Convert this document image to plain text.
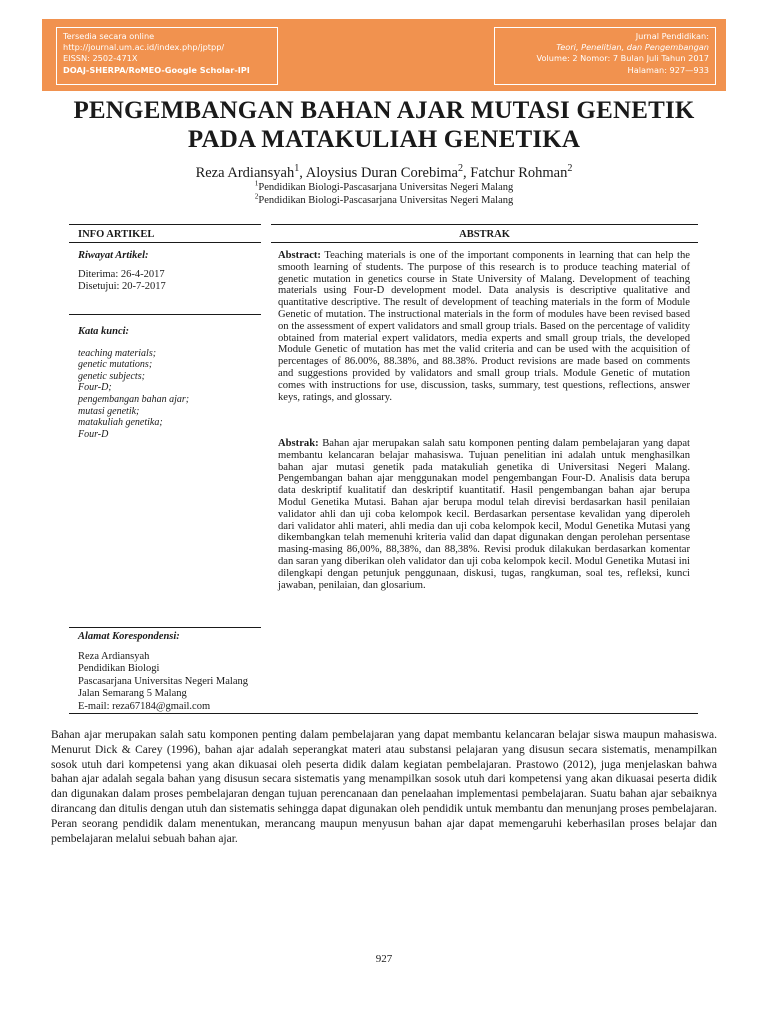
Tersedia secara online
http://journal.um.ac.id/index.php/jptpp/
EISSN: 2502-471X
DOAJ-SHERPA/RoMEO-Google Scholar-IPI
Jurnal Pendidikan:
Teori, Penelitian, dan Pengembangan
Volume: 2 Nomor: 7 Bulan Juli Tahun 2017
Halaman: 927—933
PENGEMBANGAN BAHAN AJAR MUTASI GENETIK
PADA MATAKULIAH GENETIKA
Reza Ardiansyah$^1$, Aloysius Duran Corebima$^2$, Fatchur Rohman$^2$
$^1$Pendidikan Biologi-Pascasarjana Universitas Negeri Malang
$^2$Pendidikan Biologi-Pascasarjana Universitas Negeri Malang
INFO ARTIKEL	ABSTRAK
Riwayat Artikel:
Diterima: 26-4-2017
Disetujui: 20-7-2017
Kata kunci:
teaching materials;
genetic mutations;
genetic subjects;
Four-D;
pengembangan bahan ajar;
mutasi genetik;
matakuliah genetika;
Four-D
Abstract: Teaching materials is one of the important components in learning that can help the smooth learning of students. The purpose of this research is to produce teaching material of genetic mutation in genetics course in State University of Malang. Development of teaching materials using Four-D development model. Data analysis is descriptive qualitative and quantitative descriptive. The result of development of teaching materials in the form of Module Genetic of mutation. The instructional materials in the form of modules have been revised based on the assessment of expert validators and small group trials. Based on the percentage of validity obtained from material expert validators, media experts and small group trials, the developed Module Genetic of mutation has met the valid criteria and can be used with the acquisition of percentages of 86.00%, 88.38%, and 88.38%. Product revisions are made based on comments and suggestions provided by validators and small group trials. Module Genetic of mutation comes with instructions for use, discussion, tasks, summary, test questions, reflections, answer keys, ratings, and glossary.
Abstrak: Bahan ajar merupakan salah satu komponen penting dalam pembelajaran yang dapat membantu kelancaran belajar mahasiswa. Tujuan penelitian ini adalah untuk menghasilkan bahan ajar mutasi genetik pada matakuliah genetika di Universitasi Negeri Malang. Pengembangan bahan ajar menggunakan model pengembangan Four-D. Analisis data berupa data deskriptif kualitatif dan deskriptif kuantitatif. Hasil pengembangan bahan ajar berupa Modul Genetika Mutasi. Bahan ajar berupa modul telah direvisi berdasarkan hasil penilaian validator ahli dan uji coba kelompok kecil. Berdasarkan persentase kevalidan yang diperoleh dari validator ahli materi, ahli media dan uji coba kelompok kecil, Modul Genetika Mutasi yang dikembangkan telah memenuhi kriteria valid dan dapat digunakan dengan perolehan persentase masing-masing 86,00%, 88,38%, dan 88,38%. Revisi produk dilakukan berdasarkan komentar dan saran yang diberikan oleh validator dan uji coba kelompok kecil. Modul Genetika Mutasi ini dilengkapi dengan petunjuk penggunaan, diskusi, tugas, rangkuman, soal tes, refleksi, kunci jawaban, penilaian, dan glosarium.
Alamat Korespondensi:
Reza Ardiansyah
Pendidikan Biologi
Pascasarjana Universitas Negeri Malang
Jalan Semarang 5 Malang
E-mail: reza67184@gmail.com
Bahan ajar merupakan salah satu komponen penting dalam pembelajaran yang dapat membantu kelancaran belajar siswa maupun mahasiswa. Menurut Dick & Carey (1996), bahan ajar adalah seperangkat materi atau substansi pelajaran yang disusun secara sistematis, menampilkan sosok utuh dari kompetensi yang akan dikuasai oleh peserta didik dalam kegiatan pembelajaran. Prastowo (2012), juga menjelaskan bahwa bahan ajar adalah segala bahan yang disusun secara sistematis yang menampilkan sosok utuh dari kompetensi yang akan dikuasai peserta didik dan digunakan dalam proses pembelajaran dengan tujuan perencanaan dan penelaahan implementasi pembelajaran. Suatu bahan ajar sebaiknya dirancang dan ditulis dengan utuh dan sistematis sehingga dapat digunakan oleh pendidik untuk membantu dan menunjang proses pembelajaran. Peran seorang pendidik dalam menentukan, merancang maupun menyusun bahan ajar dapat memengaruhi keberhasilan proses belajar dan pembelajaran melalui sebuah bahan ajar.
927
